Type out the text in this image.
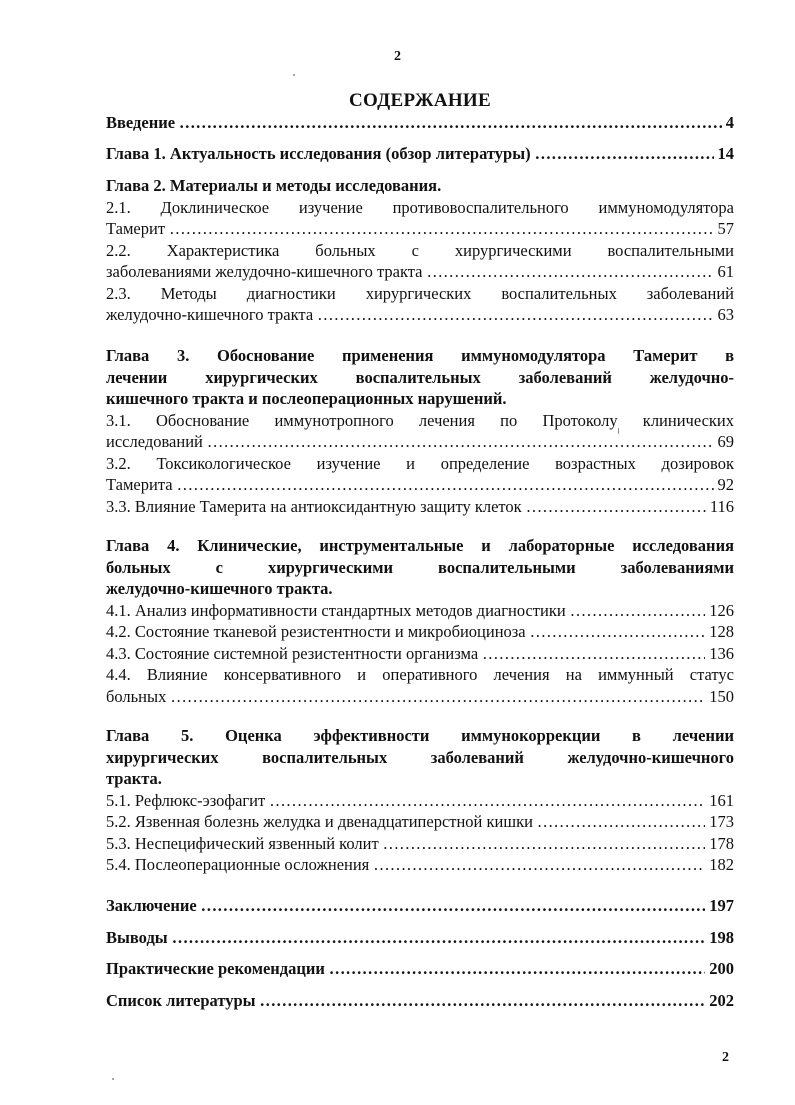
2
СОДЕРЖАНИЕ
Введение ……………………………………………………………………………………………………………………………………………	4
Глава 1. Актуальность исследования (обзор литературы) ……………………………………………………………………………………………………………………………………………	14
Глава 2. Материалы и методы исследования.
2.1. Доклиническое изучение противовоспалительного иммуномодулятора
Тамерит ……………………………………………………………………………………………………………………………………………	57
2.2. Характеристика больных с хирургическими воспалительными
заболеваниями желудочно-кишечного тракта ……………………………………………………………………………………………………………………………………………	61
2.3. Методы диагностики хирургических воспалительных заболеваний
желудочно-кишечного тракта ……………………………………………………………………………………………………………………………………………	63
Глава 3. Обоснование применения иммуномодулятора Тамерит в
лечении хирургических воспалительных заболеваний желудочно-
кишечного тракта и послеоперационных нарушений.
3.1. Обоснование иммунотропного лечения по Протоколу клинических
исследований ……………………………………………………………………………………………………………………………………………	69
3.2. Токсикологическое изучение и определение возрастных дозировок
Тамерита ……………………………………………………………………………………………………………………………………………	92
3.3. Влияние Тамерита на антиоксидантную защиту клеток ……………………………………………………………………………………………………………………………………………	116
Глава 4. Клинические, инструментальные и лабораторные исследования
больных с хирургическими воспалительными заболеваниями
желудочно-кишечного тракта.
4.1. Анализ информативности стандартных методов диагностики ……………………………………………………………………………………………………………………………………………	126
4.2. Состояние тканевой резистентности и микробиоциноза ……………………………………………………………………………………………………………………………………………	128
4.3. Состояние системной резистентности организма ……………………………………………………………………………………………………………………………………………	136
4.4. Влияние консервативного и оперативного лечения на иммунный статус
больных ……………………………………………………………………………………………………………………………………………	150
Глава 5. Оценка эффективности иммунокоррекции в лечении
хирургических воспалительных заболеваний желудочно-кишечного
тракта.
5.1. Рефлюкс-эзофагит ……………………………………………………………………………………………………………………………………………	161
5.2. Язвенная болезнь желудка и двенадцатиперстной кишки ……………………………………………………………………………………………………………………………………………	173
5.3. Неспецифический язвенный колит ……………………………………………………………………………………………………………………………………………	178
5.4. Послеоперационные осложнения ……………………………………………………………………………………………………………………………………………	182
Заключение ……………………………………………………………………………………………………………………………………………	197
Выводы ……………………………………………………………………………………………………………………………………………	198
Практические рекомендации ……………………………………………………………………………………………………………………………………………	200
Список литературы ……………………………………………………………………………………………………………………………………………	202
2
